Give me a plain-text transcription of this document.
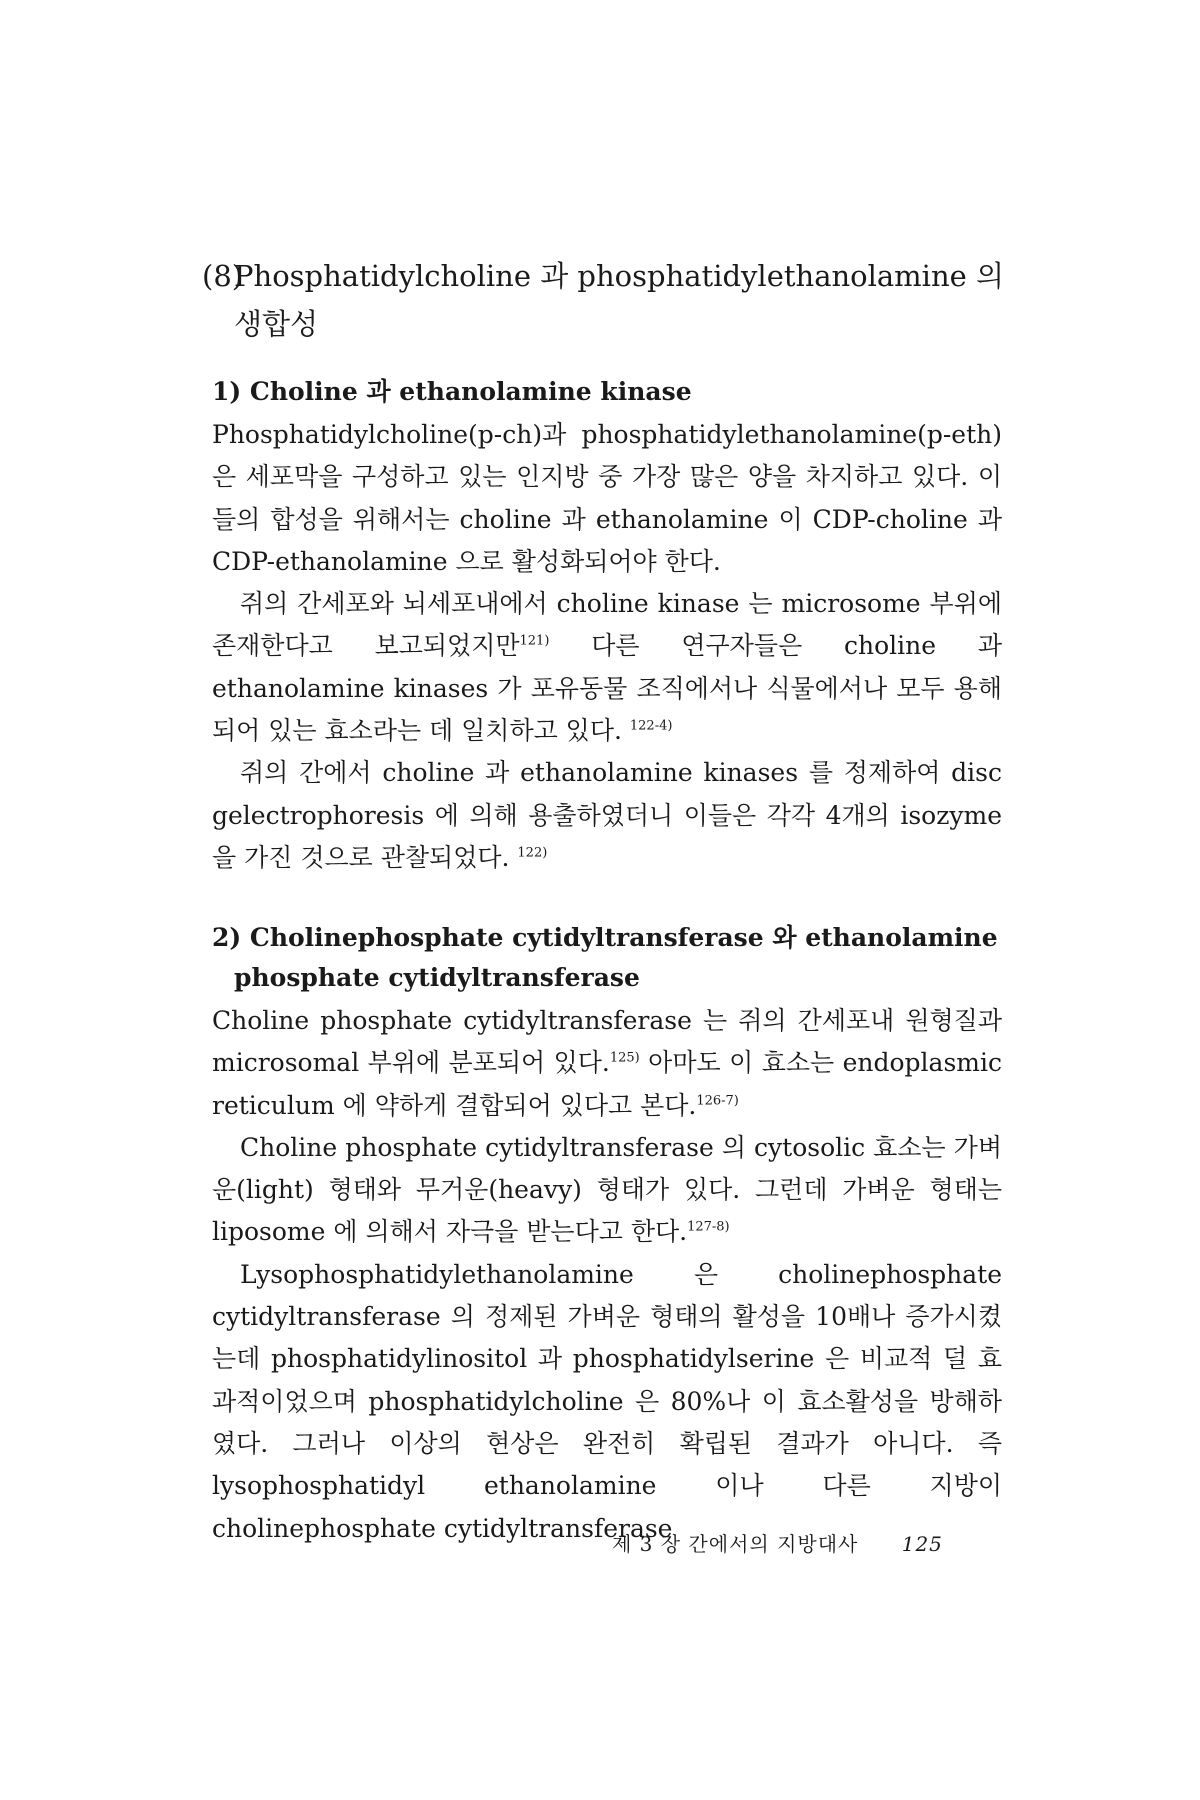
(8)
Phosphatidylcholine 과 phosphatidylethanolamine 의 생합성
1) Choline 과 ethanolamine kinase

Phosphatidylcholine(p-ch)과 phosphatidylethanolamine(p-eth)은 세포막을 구성하고 있는 인지방 중 가장 많은 양을 차지하고 있다. 이들의 합성을 위해서는 choline 과 ethanolamine 이 CDP-choline 과 CDP-ethanolamine 으로 활성화되어야 한다.

쥐의 간세포와 뇌세포내에서 choline kinase 는 microsome 부위에 존재한다고 보고되었지만$^{121)}$ 다른 연구자들은 choline 과 ethanolamine kinases 가 포유동물 조직에서나 식물에서나 모두 용해되어 있는 효소라는 데 일치하고 있다. $^{122-4)}$

쥐의 간에서 choline 과 ethanolamine kinases 를 정제하여 disc gelectrophoresis 에 의해 용출하였더니 이들은 각각 4개의 isozyme 을 가진 것으로 관찰되었다. $^{122)}$

2) Cholinephosphate cytidyltransferase 와 ethanolamine
phosphate cytidyltransferase

Choline phosphate cytidyltransferase 는 쥐의 간세포내 원형질과 microsomal 부위에 분포되어 있다.$^{125)}$ 아마도 이 효소는 endoplasmic reticulum 에 약하게 결합되어 있다고 본다.$^{126-7)}$

Choline phosphate cytidyltransferase 의 cytosolic 효소는 가벼운(light) 형태와 무거운(heavy) 형태가 있다. 그런데 가벼운 형태는 liposome 에 의해서 자극을 받는다고 한다.$^{127-8)}$

Lysophosphatidylethanolamine 은 cholinephosphate cytidyltransferase 의 정제된 가벼운 형태의 활성을 10배나 증가시켰는데 phosphatidylinositol 과 phosphatidylserine 은 비교적 덜 효과적이었으며 phosphatidylcholine 은 80%나 이 효소활성을 방해하였다. 그러나 이상의 현상은 완전히 확립된 결과가 아니다. 즉 lysophosphatidyl ethanolamine 이나 다른 지방이 cholinephosphate cytidyltransferase

제 3 장 간에서의 지방대사 125
